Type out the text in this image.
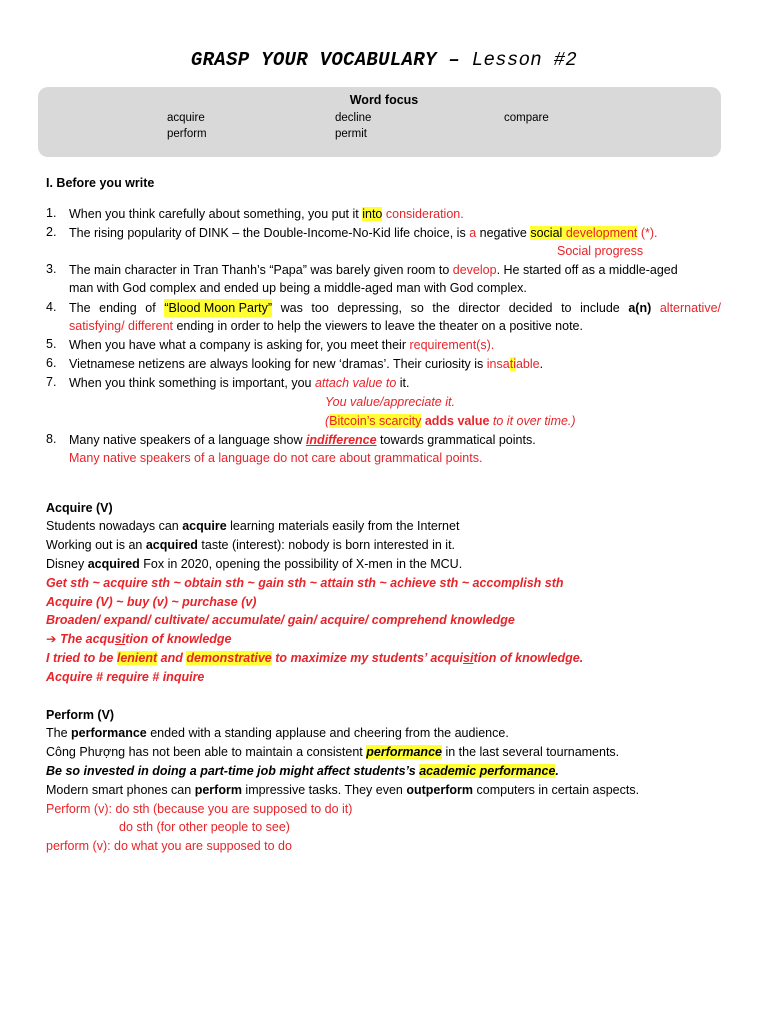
GRASP YOUR VOCABULARY – Lesson #2
Word focus
acquire	decline	compare
perform	permit
I. Before you write
1. When you think carefully about something, you put it into consideration.
2. The rising popularity of DINK – the Double-Income-No-Kid life choice, is a negative social development (*).
Social progress
3. The main character in Tran Thanh’s “Papa” was barely given room to develop. He started off as a middle-aged
man with God complex and ended up being a middle-aged man with God complex.
4. The ending of “Blood Moon Party” was too depressing, so the director decided to include a(n) alternative/
satisfying/ different ending in order to help the viewers to leave the theater on a positive note.
5. When you have what a company is asking for, you meet their requirement(s).
6. Vietnamese netizens are always looking for new ‘dramas’. Their curiosity is insatiable.
7. When you think something is important, you attach value to it.
You value/appreciate it.
(Bitcoin’s scarcity adds value to it over time.)
8. Many native speakers of a language show indifference towards grammatical points.
Many native speakers of a language do not care about grammatical points.
Acquire (V)
Students nowadays can acquire learning materials easily from the Internet
Working out is an acquired taste (interest): nobody is born interested in it.
Disney acquired Fox in 2020, opening the possibility of X-men in the MCU.
Get sth ~ acquire sth ~ obtain sth ~ gain sth ~ attain sth ~ achieve sth ~ accomplish sth
Acquire (V) ~ buy (v) ~ purchase (v)
Broaden/ expand/ cultivate/ accumulate/ gain/ acquire/ comprehend knowledge
➔ The acqusition of knowledge
I tried to be lenient and demonstrative to maximize my students’ acquisition of knowledge.
Acquire # require # inquire
Perform (V)
The performance ended with a standing applause and cheering from the audience.
Công Phượng has not been able to maintain a consistent performance in the last several tournaments.
Be so invested in doing a part-time job might affect students’s academic performance.
Modern smart phones can perform impressive tasks. They even outperform computers in certain aspects.
Perform (v): do sth (because you are supposed to do it)
do sth (for other people to see)
perform (v): do what you are supposed to do
